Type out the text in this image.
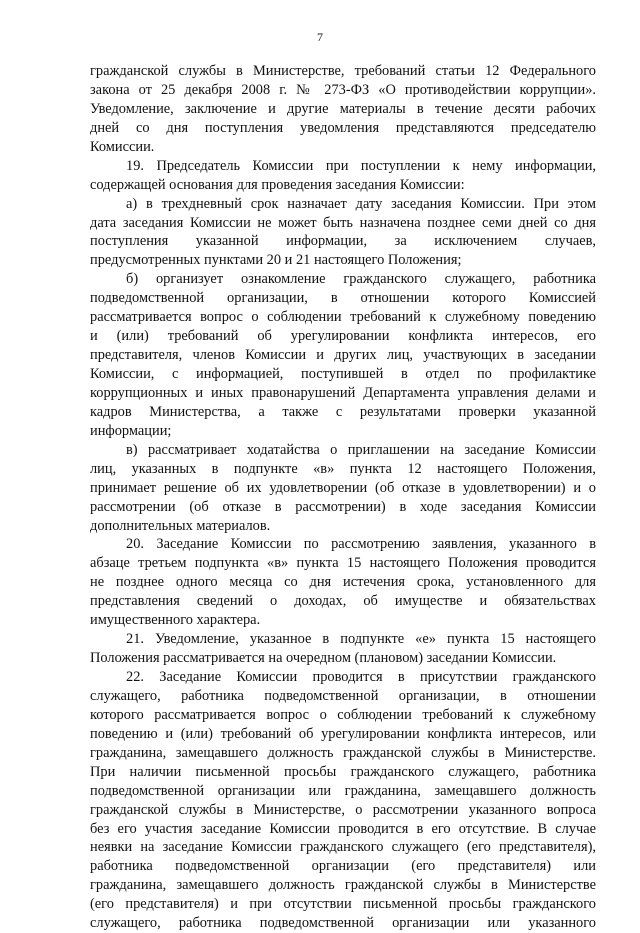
7
гражданской службы в Министерстве, требований статьи 12 Федерального
закона от 25 декабря 2008 г. № 273-ФЗ «О противодействии коррупции».
Уведомление, заключение и другие материалы в течение десяти рабочих
дней со дня поступления уведомления представляются председателю
Комиссии.
19. Председатель Комиссии при поступлении к нему информации,
содержащей основания для проведения заседания Комиссии:
а) в трехдневный срок назначает дату заседания Комиссии. При этом
дата заседания Комиссии не может быть назначена позднее семи дней со дня
поступления указанной информации, за исключением случаев,
предусмотренных пунктами 20 и 21 настоящего Положения;
б) организует ознакомление гражданского служащего, работника
подведомственной организации, в отношении которого Комиссией
рассматривается вопрос о соблюдении требований к служебному поведению
и (или) требований об урегулировании конфликта интересов, его
представителя, членов Комиссии и других лиц, участвующих в заседании
Комиссии, с информацией, поступившей в отдел по профилактике
коррупционных и иных правонарушений Департамента управления делами и
кадров Министерства, а также с результатами проверки указанной
информации;
в) рассматривает ходатайства о приглашении на заседание Комиссии
лиц, указанных в подпункте «в» пункта 12 настоящего Положения,
принимает решение об их удовлетворении (об отказе в удовлетворении) и о
рассмотрении (об отказе в рассмотрении) в ходе заседания Комиссии
дополнительных материалов.
20. Заседание Комиссии по рассмотрению заявления, указанного в
абзаце третьем подпункта «в» пункта 15 настоящего Положения проводится
не позднее одного месяца со дня истечения срока, установленного для
представления сведений о доходах, об имуществе и обязательствах
имущественного характера.
21. Уведомление, указанное в подпункте «е» пункта 15 настоящего
Положения рассматривается на очередном (плановом) заседании Комиссии.
22. Заседание Комиссии проводится в присутствии гражданского
служащего, работника подведомственной организации, в отношении
которого рассматривается вопрос о соблюдении требований к служебному
поведению и (или) требований об урегулировании конфликта интересов, или
гражданина, замещавшего должность гражданской службы в Министерстве.
При наличии письменной просьбы гражданского служащего, работника
подведомственной организации или гражданина, замещавшего должность
гражданской службы в Министерстве, о рассмотрении указанного вопроса
без его участия заседание Комиссии проводится в его отсутствие. В случае
неявки на заседание Комиссии гражданского служащего (его представителя),
работника подведомственной организации (его представителя) или
гражданина, замещавшего должность гражданской службы в Министерстве
(его представителя) и при отсутствии письменной просьбы гражданского
служащего, работника подведомственной организации или указанного
